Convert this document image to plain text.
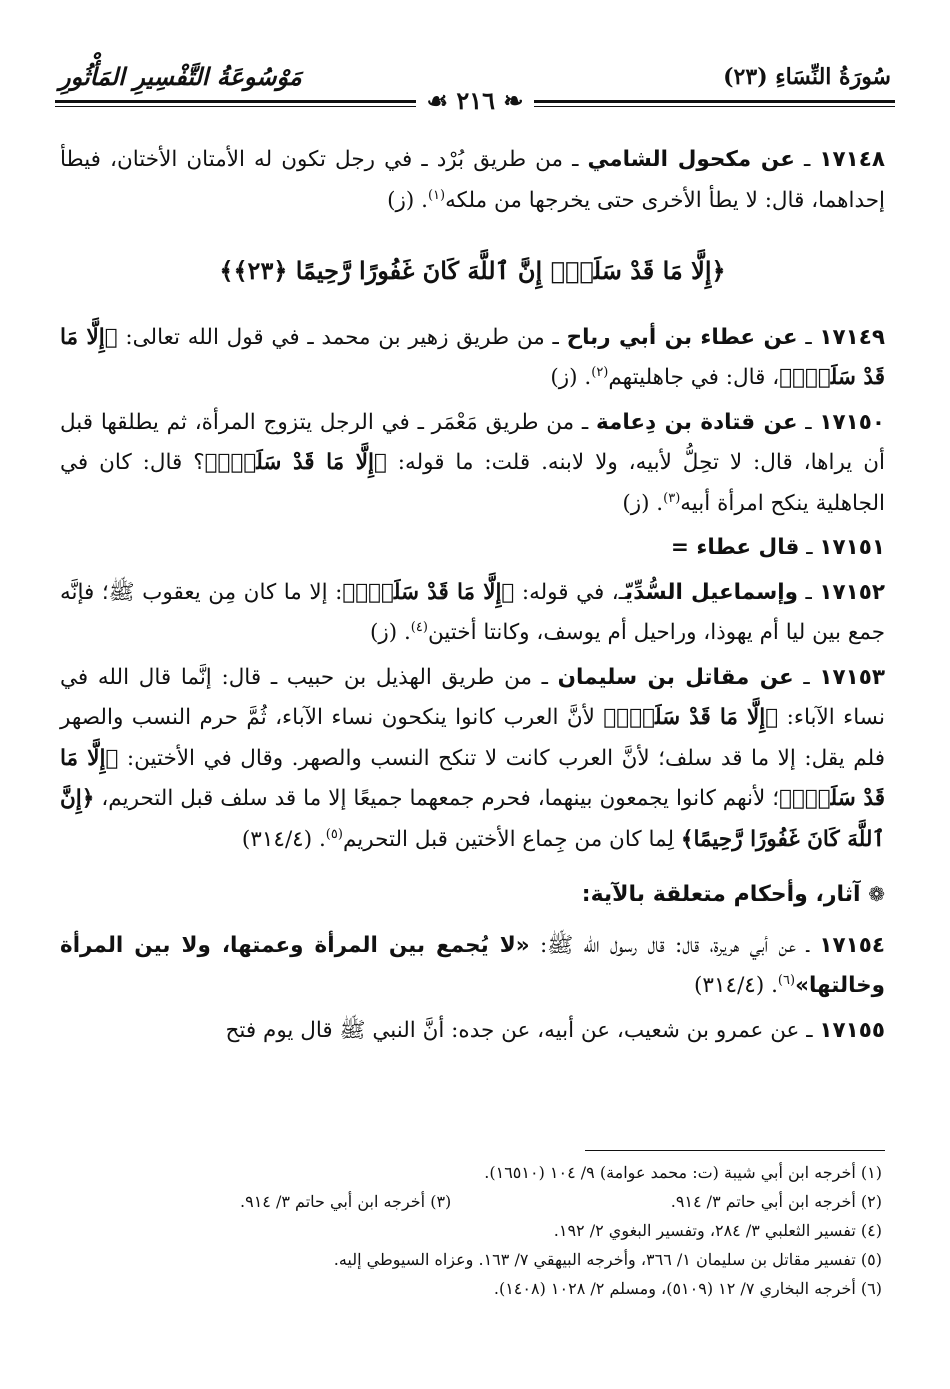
سُورَةُ النِّسَاءِ (٢٣)
مَوْسُوعَةُ التَّفْسِيرِ المَأْثُورِ
❧ ٢١٦ ☙

١٧١٤٨ ـ عن مكحول الشامي ـ من طريق بُرْد ـ في رجل تكون له الأمتان الأختان، فيطأ إحداهما، قال: لا يطأ الأخرى حتى يخرجها من ملكه$^{(١)}$. (ز)

﴿إِلَّا مَا قَدْ سَلَفَۗ إِنَّ ٱللَّهَ كَانَ غَفُورًا رَّحِيمًا ﴿٢٣﴾﴾

١٧١٤٩ ـ عن عطاء بن أبي رباح ـ من طريق زهير بن محمد ـ في قول الله تعالى: ﴿إِلَّا مَا قَدْ سَلَفَۗ﴾، قال: في جاهليتهم$^{(٢)}$. (ز)

١٧١٥٠ ـ عن قتادة بن دِعامة ـ من طريق مَعْمَر ـ في الرجل يتزوج المرأة، ثم يطلقها قبل أن يراها، قال: لا تحِلُّ لأبيه، ولا لابنه. قلت: ما قوله: ﴿إِلَّا مَا قَدْ سَلَفَۗ﴾؟ قال: كان في الجاهلية ينكح امرأة أبيه$^{(٣)}$. (ز)

١٧١٥١ ـ قال عطاء =

١٧١٥٢ ـ وإسماعيل السُّدِّيّـ، في قوله: ﴿إِلَّا مَا قَدْ سَلَفَۗ﴾: إلا ما كان مِن يعقوب ﷺ؛ فإنَّه جمع بين ليا أم يهوذا، وراحيل أم يوسف، وكانتا أختين$^{(٤)}$. (ز)

١٧١٥٣ ـ عن مقاتل بن سليمان ـ من طريق الهذيل بن حبيب ـ قال: إنَّما قال الله في نساء الآباء: ﴿إِلَّا مَا قَدْ سَلَفَۗ﴾ لأنَّ العرب كانوا ينكحون نساء الآباء، ثُمَّ حرم النسب والصهر فلم يقل: إلا ما قد سلف؛ لأنَّ العرب كانت لا تنكح النسب والصهر. وقال في الأختين: ﴿إِلَّا مَا قَدْ سَلَفَۗ﴾؛ لأنهم كانوا يجمعون بينهما، فحرم جمعهما جميعًا إلا ما قد سلف قبل التحريم، ﴿إِنَّ ٱللَّهَ كَانَ غَفُورًا رَّحِيمًا﴾ لِما كان من جِماع الأختين قبل التحريم$^{(٥)}$. (٣١٤/٤)

❁ آثار، وأحكام متعلقة بالآية:

١٧١٥٤ ـ عن أبي هريرة، قال: قال رسول الله ﷺ: «لا يُجمع بين المرأة وعمتها، ولا بين المرأة وخالتها»$^{(٦)}$. (٣١٤/٤)

١٧١٥٥ ـ عن عمرو بن شعيب، عن أبيه، عن جده: أنَّ النبي ﷺ قال يوم فتح

(١) أخرجه ابن أبي شيبة (ت: محمد عوامة) ٩/ ١٠٤ (١٦٥١٠).
(٢) أخرجه ابن أبي حاتم ٣/ ٩١٤.
(٣) أخرجه ابن أبي حاتم ٣/ ٩١٤.
(٤) تفسير الثعلبي ٣/ ٢٨٤، وتفسير البغوي ٢/ ١٩٢.
(٥) تفسير مقاتل بن سليمان ١/ ٣٦٦، وأخرجه البيهقي ٧/ ١٦٣. وعزاه السيوطي إليه.
(٦) أخرجه البخاري ٧/ ١٢ (٥١٠٩)، ومسلم ٢/ ١٠٢٨ (١٤٠٨).
